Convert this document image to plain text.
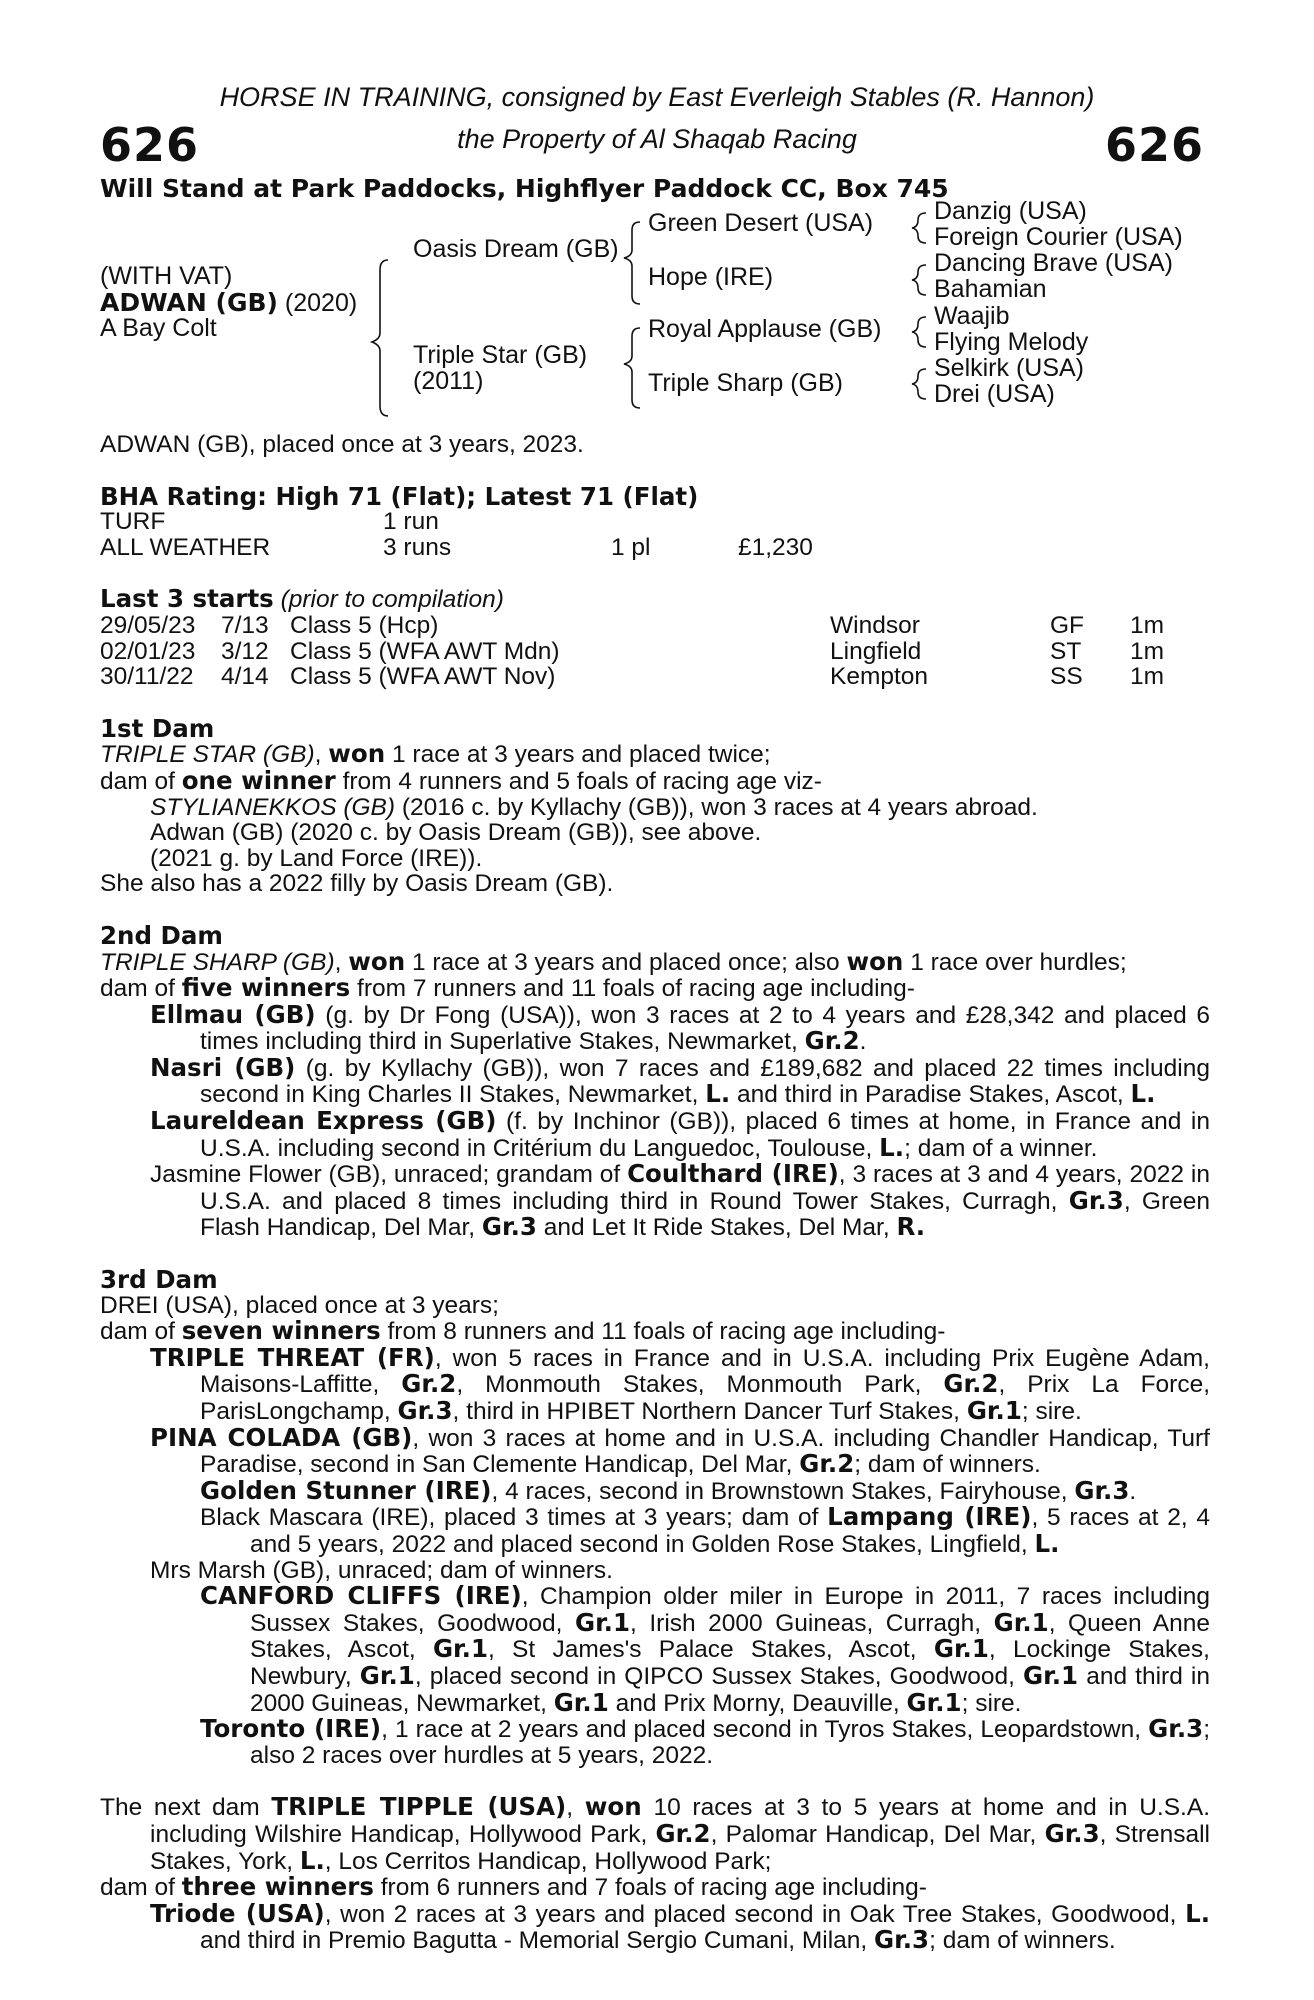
626	626
HORSE IN TRAINING, consigned by East Everleigh Stables (R. Hannon)
the Property of Al Shaqab Racing
Will Stand at Park Paddocks, Highflyer Paddock CC, Box 745
(WITH VAT)
ADWAN (GB) (2020)
A Bay Colt
Oasis Dream (GB)
Triple Star (GB)
(2011)
Green Desert (USA)
Hope (IRE)
Royal Applause (GB)
Triple Sharp (GB)
Danzig (USA)
Foreign Courier (USA)
Dancing Brave (USA)
Bahamian
Waajib
Flying Melody
Selkirk (USA)
Drei (USA)

ADWAN (GB), placed once at 3 years, 2023.

BHA Rating: High 71 (Flat); Latest 71 (Flat)

TURF	1 run
ALL WEATHER	3 runs	1 pl	£1,230

Last 3 starts (prior to compilation)

29/05/23	7/13 Class 5 (Hcp)	Windsor	GF	1m
02/01/23	3/12 Class 5 (WFA AWT Mdn)	Lingfield	ST	1m
30/11/22	4/14 Class 5 (WFA AWT Nov)	Kempton	SS	1m

1st Dam

TRIPLE STAR (GB), won 1 race at 3 years and placed twice;

dam of one winner from 4 runners and 5 foals of racing age viz-

STYLIANEKKOS (GB) (2016 c. by Kyllachy (GB)), won 3 races at 4 years abroad.

Adwan (GB) (2020 c. by Oasis Dream (GB)), see above.

(2021 g. by Land Force (IRE)).

She also has a 2022 filly by Oasis Dream (GB).

2nd Dam

TRIPLE SHARP (GB), won 1 race at 3 years and placed once; also won 1 race over hurdles;

dam of five winners from 7 runners and 11 foals of racing age including-

Ellmau (GB) (g. by Dr Fong (USA)), won 3 races at 2 to 4 years and £28,342 and placed 6 times including third in Superlative Stakes, Newmarket, Gr.2.

Nasri (GB) (g. by Kyllachy (GB)), won 7 races and £189,682 and placed 22 times including second in King Charles II Stakes, Newmarket, L. and third in Paradise Stakes, Ascot, L.

Laureldean Express (GB) (f. by Inchinor (GB)), placed 6 times at home, in France and in U.S.A. including second in Critérium du Languedoc, Toulouse, L.; dam of a winner.

Jasmine Flower (GB), unraced; grandam of Coulthard (IRE), 3 races at 3 and 4 years, 2022 in U.S.A. and placed 8 times including third in Round Tower Stakes, Curragh, Gr.3, Green Flash Handicap, Del Mar, Gr.3 and Let It Ride Stakes, Del Mar, R.

3rd Dam

DREI (USA), placed once at 3 years;

dam of seven winners from 8 runners and 11 foals of racing age including-

TRIPLE THREAT (FR), won 5 races in France and in U.S.A. including Prix Eugène Adam, Maisons-Laffitte, Gr.2, Monmouth Stakes, Monmouth Park, Gr.2, Prix La Force, ParisLongchamp, Gr.3, third in HPIBET Northern Dancer Turf Stakes, Gr.1; sire.

PINA COLADA (GB), won 3 races at home and in U.S.A. including Chandler Handicap, Turf Paradise, second in San Clemente Handicap, Del Mar, Gr.2; dam of winners.

Golden Stunner (IRE), 4 races, second in Brownstown Stakes, Fairyhouse, Gr.3.

Black Mascara (IRE), placed 3 times at 3 years; dam of Lampang (IRE), 5 races at 2, 4 and 5 years, 2022 and placed second in Golden Rose Stakes, Lingfield, L.

Mrs Marsh (GB), unraced; dam of winners.

CANFORD CLIFFS (IRE), Champion older miler in Europe in 2011, 7 races including Sussex Stakes, Goodwood, Gr.1, Irish 2000 Guineas, Curragh, Gr.1, Queen Anne Stakes, Ascot, Gr.1, St James's Palace Stakes, Ascot, Gr.1, Lockinge Stakes, Newbury, Gr.1, placed second in QIPCO Sussex Stakes, Goodwood, Gr.1 and third in 2000 Guineas, Newmarket, Gr.1 and Prix Morny, Deauville, Gr.1; sire.

Toronto (IRE), 1 race at 2 years and placed second in Tyros Stakes, Leopardstown, Gr.3; also 2 races over hurdles at 5 years, 2022.

The next dam TRIPLE TIPPLE (USA), won 10 races at 3 to 5 years at home and in U.S.A. including Wilshire Handicap, Hollywood Park, Gr.2, Palomar Handicap, Del Mar, Gr.3, Strensall Stakes, York, L., Los Cerritos Handicap, Hollywood Park;

dam of three winners from 6 runners and 7 foals of racing age including-

Triode (USA), won 2 races at 3 years and placed second in Oak Tree Stakes, Goodwood, L. and third in Premio Bagutta - Memorial Sergio Cumani, Milan, Gr.3; dam of winners.
